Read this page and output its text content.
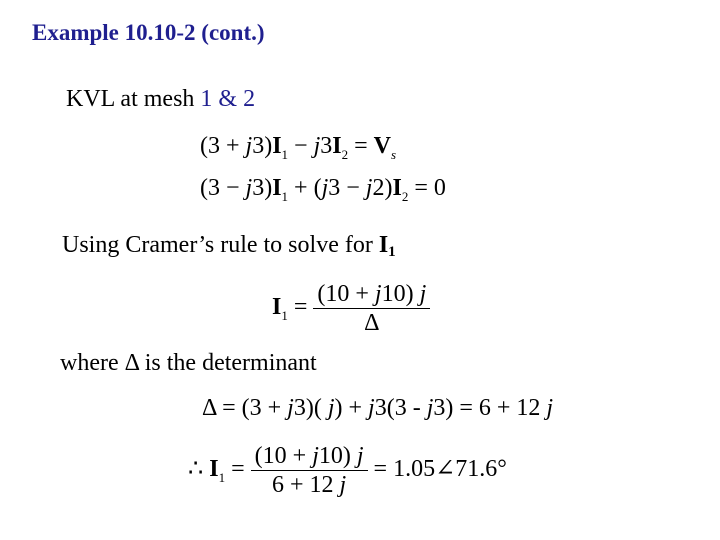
Example 10.10-2 (cont.)
KVL at mesh 1 & 2
$(3 + j3)I_1 - j3I_2 = V_s$
$(3 - j3)I_1 + (j3 - j2)I_2 = 0$
Using Cramer’s rule to solve for I1
$I_1 = \frac{(10 + j10) j}{\Delta}$
where Δ is the determinant
Δ = (3 + j3)( j) + j3(3 - j3) = 6 + 12 j
∴ $I_1 = \frac{(10 + j10) j}{6 + 12 j}$ = 1.05∠71.6°
